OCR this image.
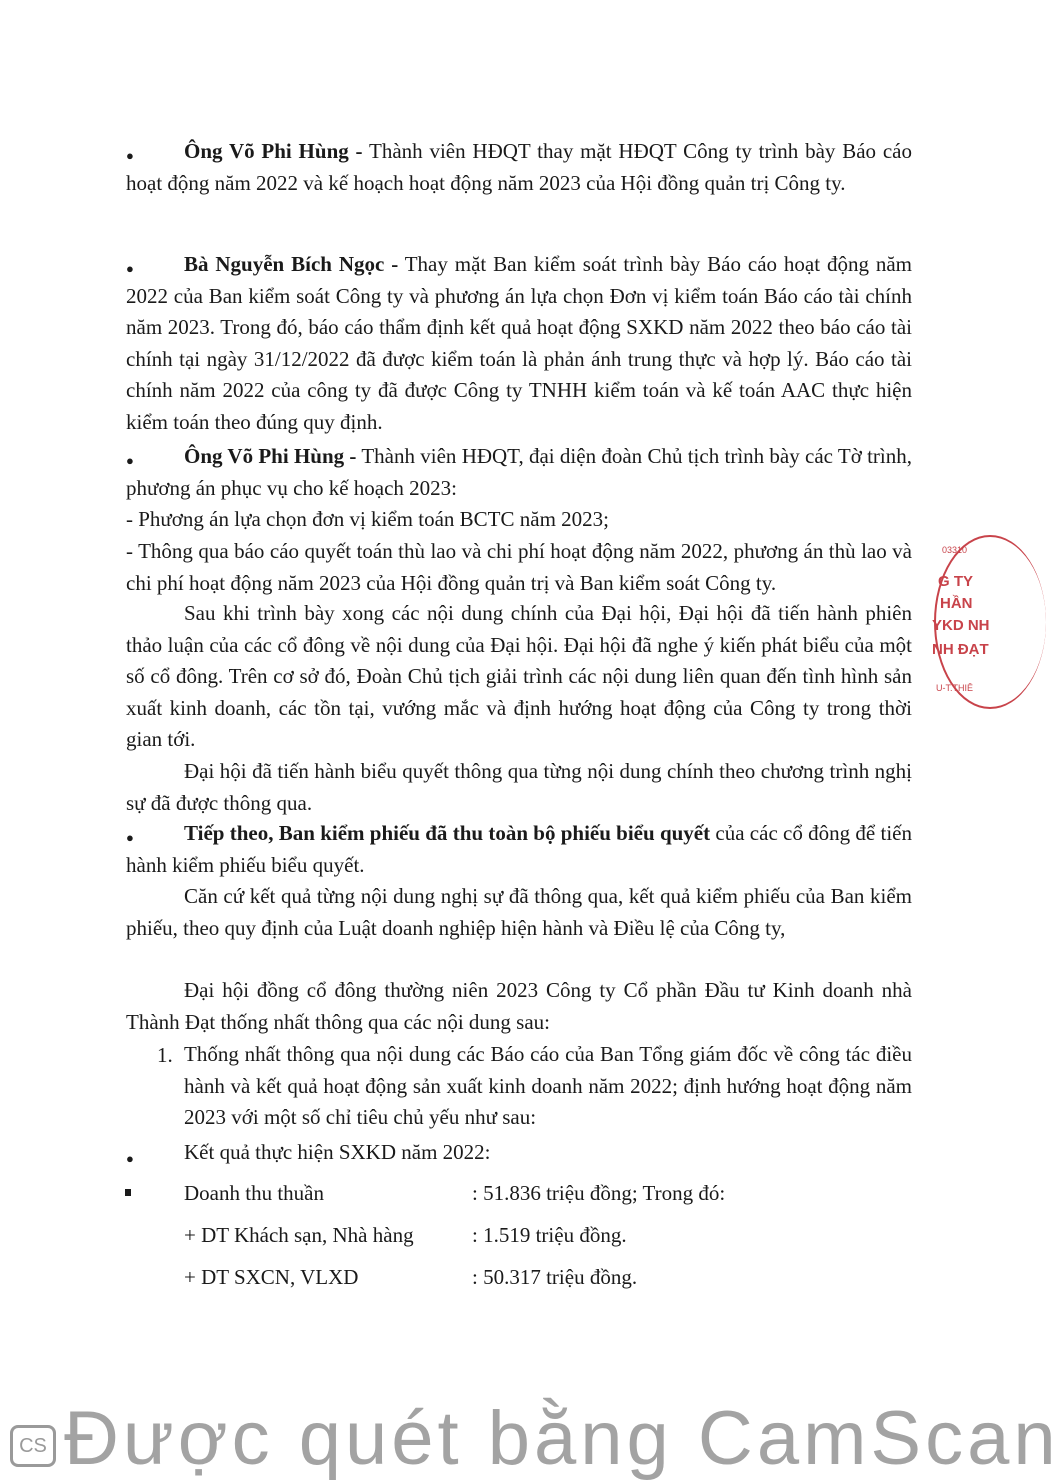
●	Ông Võ Phi Hùng - Thành viên HĐQT thay mặt HĐQT Công ty trình bày Báo cáo hoạt động năm 2022 và kế hoạch hoạt động năm 2023 của Hội đồng quản trị Công ty.

●	Bà Nguyễn Bích Ngọc - Thay mặt Ban kiểm soát trình bày Báo cáo hoạt động năm 2022 của Ban kiểm soát Công ty và phương án lựa chọn Đơn vị kiểm toán Báo cáo tài chính năm 2023. Trong đó, báo cáo thẩm định kết quả hoạt động SXKD năm 2022 theo báo cáo tài chính tại ngày 31/12/2022 đã được kiểm toán là phản ánh trung thực và hợp lý. Báo cáo tài chính năm 2022 của công ty đã được Công ty TNHH kiểm toán và kế toán AAC thực hiện kiểm toán theo đúng quy định.

●	Ông Võ Phi Hùng - Thành viên HĐQT, đại diện đoàn Chủ tịch trình bày các Tờ trình, phương án phục vụ cho kế hoạch 2023:

- Phương án lựa chọn đơn vị kiểm toán BCTC năm 2023;

- Thông qua báo cáo quyết toán thù lao và chi phí hoạt động năm 2022, phương án thù lao và chi phí hoạt động năm 2023 của Hội đồng quản trị và Ban kiểm soát Công ty.

Sau khi trình bày xong các nội dung chính của Đại hội, Đại hội đã tiến hành phiên thảo luận của các cổ đông về nội dung của Đại hội. Đại hội đã nghe ý kiến phát biểu của một số cổ đông. Trên cơ sở đó, Đoàn Chủ tịch giải trình các nội dung liên quan đến tình hình sản xuất kinh doanh, các tồn tại, vướng mắc và định hướng hoạt động của Công ty trong thời gian tới.

Đại hội đã tiến hành biểu quyết thông qua từng nội dung chính theo chương trình nghị sự đã được thông qua.

●	Tiếp theo, Ban kiểm phiếu đã thu toàn bộ phiếu biểu quyết của các cổ đông để tiến hành kiểm phiếu biểu quyết.

Căn cứ kết quả từng nội dung nghị sự đã thông qua, kết quả kiểm phiếu của Ban kiểm phiếu, theo quy định của Luật doanh nghiệp hiện hành và Điều lệ của Công ty,

Đại hội đồng cổ đông thường niên 2023 Công ty Cổ phần Đầu tư Kinh doanh nhà Thành Đạt thống nhất thông qua các nội dung sau:

1. Thống nhất thông qua nội dung các Báo cáo của Ban Tổng giám đốc về công tác điều hành và kết quả hoạt động sản xuất kinh doanh năm 2022; định hướng hoạt động năm 2023 với một số chỉ tiêu chủ yếu như sau:

● Kết quả thực hiện SXKD năm 2022:
Doanh thu thuần	: 51.836 triệu đồng; Trong đó:
+ DT Khách sạn, Nhà hàng	: 1.519 triệu đồng.
+ DT SXCN, VLXD	: 50.317 triệu đồng.
03310
G TY
HẦN
YKD NH
NH ĐẠT
U-T.THIÊ
CS Được quét bằng CamScan
